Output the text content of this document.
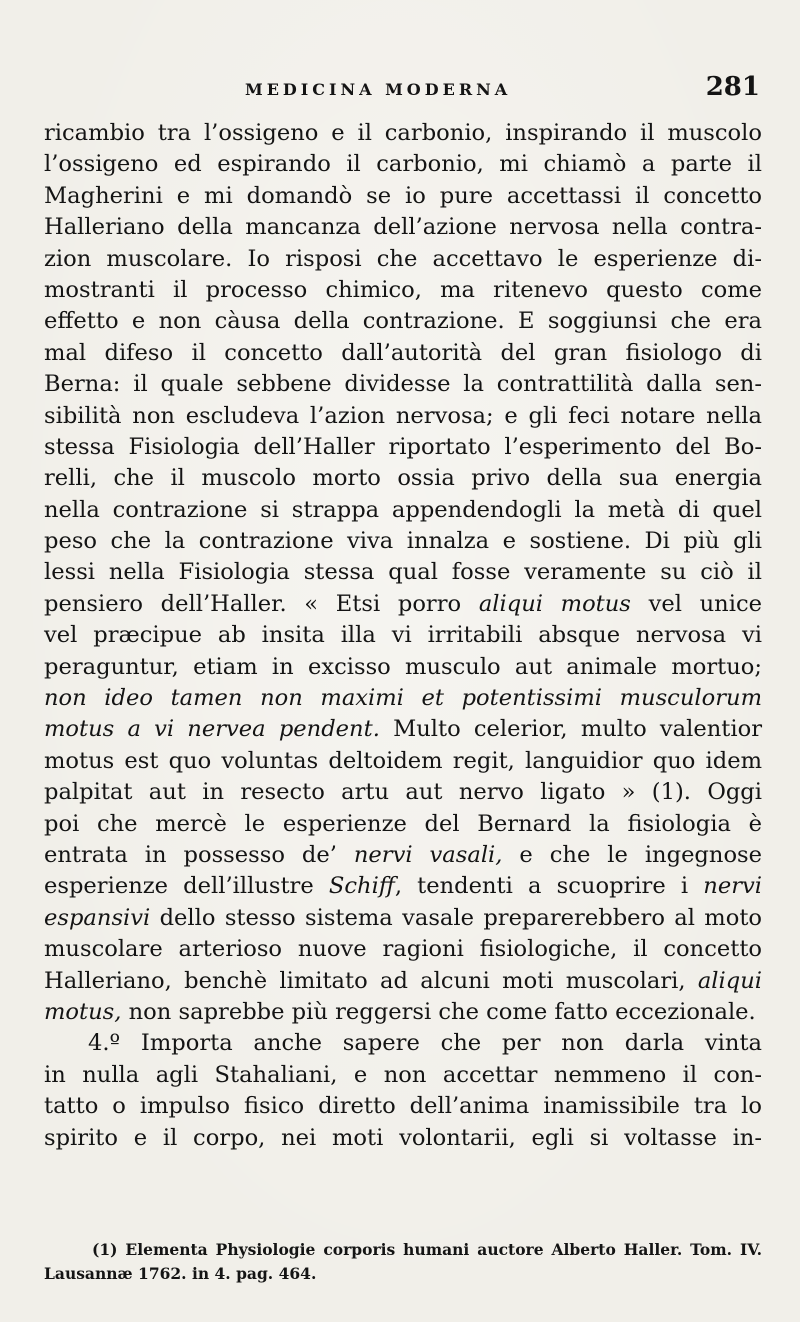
MEDICINA MODERNA	281
ricambio tra l’ossigeno e il carbonio, inspirando il muscolo
l’ossigeno ed espirando il carbonio, mi chiamò a parte il
Magherini e mi domandò se io pure accettassi il concetto
Halleriano della mancanza dell’azione nervosa nella contra-
zion muscolare. Io risposi che accettavo le esperienze di-
mostranti il processo chimico, ma ritenevo questo come
effetto e non càusa della contrazione. E soggiunsi che era
mal difeso il concetto dall’autorità del gran fisiologo di
Berna: il quale sebbene dividesse la contrattilità dalla sen-
sibilità non escludeva l’azion nervosa; e gli feci notare nella
stessa Fisiologia dell’Haller riportato l’esperimento del Bo-
relli, che il muscolo morto ossia privo della sua energia
nella contrazione si strappa appendendogli la metà di quel
peso che la contrazione viva innalza e sostiene. Di più gli
lessi nella Fisiologia stessa qual fosse veramente su ciò il
pensiero dell’Haller. « Etsi porro aliqui motus vel unice
vel præcipue ab insita illa vi irritabili absque nervosa vi
peraguntur, etiam in excisso musculo aut animale mortuo;
non ideo tamen non maximi et potentissimi musculorum
motus a vi nervea pendent. Multo celerior, multo valentior
motus est quo voluntas deltoidem regit, languidior quo idem
palpitat aut in resecto artu aut nervo ligato » (1). Oggi
poi che mercè le esperienze del Bernard la fisiologia è
entrata in possesso de’ nervi vasali, e che le ingegnose
esperienze dell’illustre Schiff, tendenti a scuoprire i nervi
espansivi dello stesso sistema vasale preparerebbero al moto
muscolare arterioso nuove ragioni fisiologiche, il concetto
Halleriano, benchè limitato ad alcuni moti muscolari, aliqui
motus, non saprebbe più reggersi che come fatto eccezionale.
4.º Importa anche sapere che per non darla vinta
in nulla agli Stahaliani, e non accettar nemmeno il con-
tatto o impulso fisico diretto dell’anima inamissibile tra lo
spirito e il corpo, nei moti volontarii, egli si voltasse in-
(1) Elementa Physiologie corporis humani auctore Alberto Haller. Tom. IV.
Lausannæ 1762. in 4. pag. 464.
